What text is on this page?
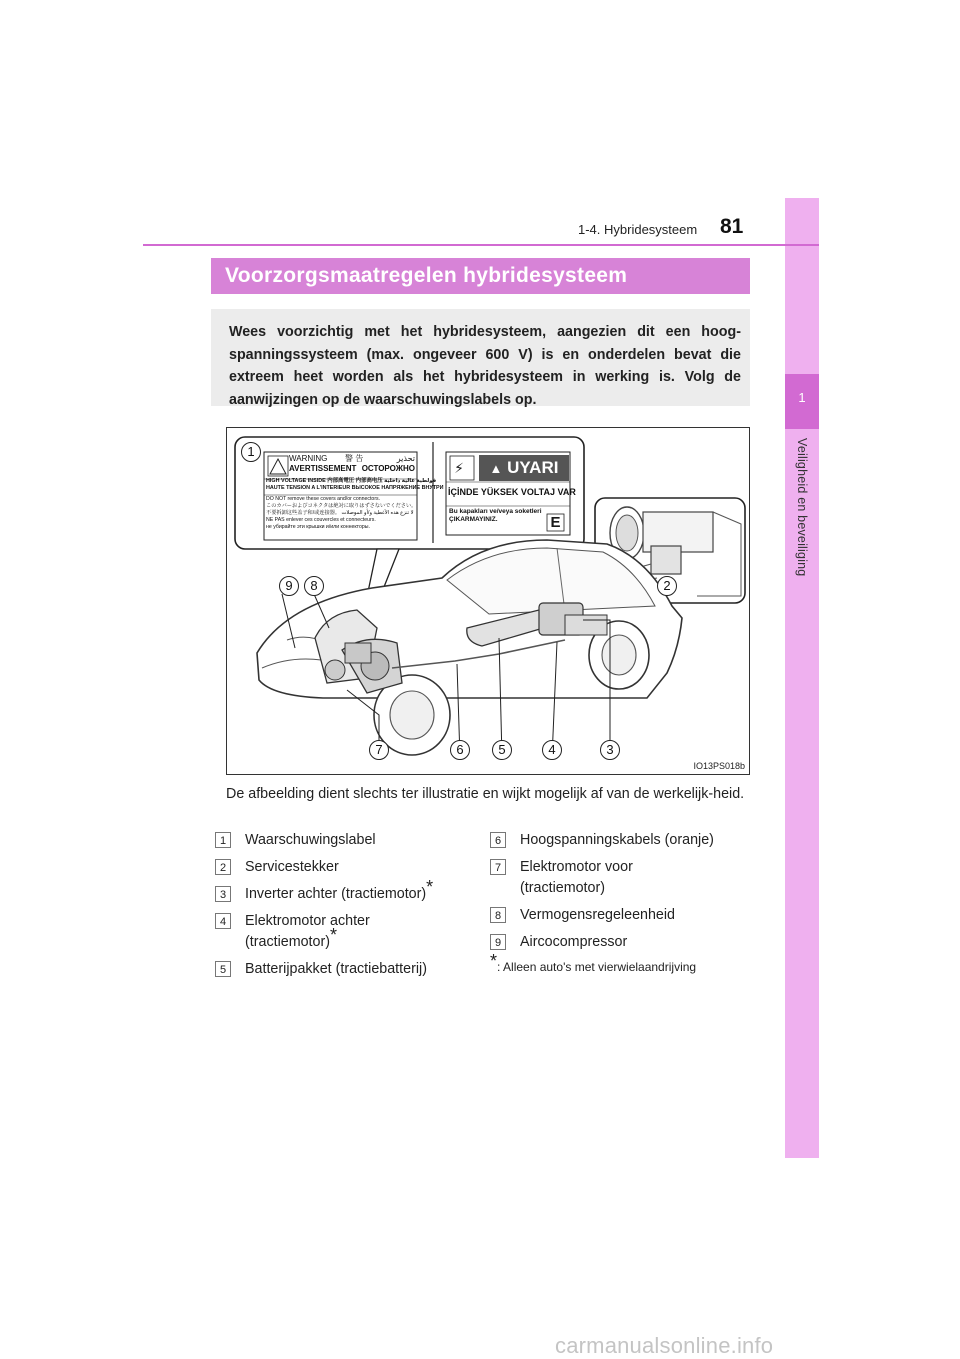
1
Veiligheid en beveiliging
1-4. Hybridesysteem 81
Voorzorgsmaatregelen hybridesysteem
Wees voorzichtig met het hybridesysteem, aangezien dit een hoog-spanningssysteem (max. ongeveer 600 V) is en onderdelen bevat die extreem heet worden als het hybridesysteem in werking is. Volg de aanwijzingen op de waarschuwingslabels op.
WARNING 警 告	تحذير
AVERTISSEMENT ОСТОРОЖНО
HIGH VOLTAGE INSIDE 内部高電圧 内部高电压 فولطية عالية داخلية
HAUTE TENSION A L'INTERIEUR ВЫСОКОЕ НАПРЯЖЕНИЕ ВНУТРИ
DO NOT remove these covers and/or connectors.
このカバーおよびコネクタは絶対に取りはずさないでください。
不要拆卸这些盖子和/或连接器。 لا تنزع هذه الأغطية و/أو الموصلات
NE PAS enlever ces couvercles et connecteurs.
не убирайте эти крышки и/или коннекторы.
⚡	▲ UYARI
İÇİNDE YÜKSEK VOLTAJ VAR
Bu kapakları ve/veya soketleri
ÇIKARMAYINIZ.	E
1
2
3
4
5
6
7
8
9
IO13PS018b
De afbeelding dient slechts ter illustratie en wijkt mogelijk af van de werkelijk-heid.
1	Waarschuwingslabel
2	Servicestekker
3	Inverter achter (tractiemotor)*
4	Elektromotor achter (tractiemotor)*
5	Batterijpakket (tractiebatterij)
6	Hoogspanningskabels (oranje)
7	Elektromotor voor (tractiemotor)
8	Vermogensregeleenheid
9	Aircocompressor
*: Alleen auto's met vierwielaandrijving
carmanualsonline.info
